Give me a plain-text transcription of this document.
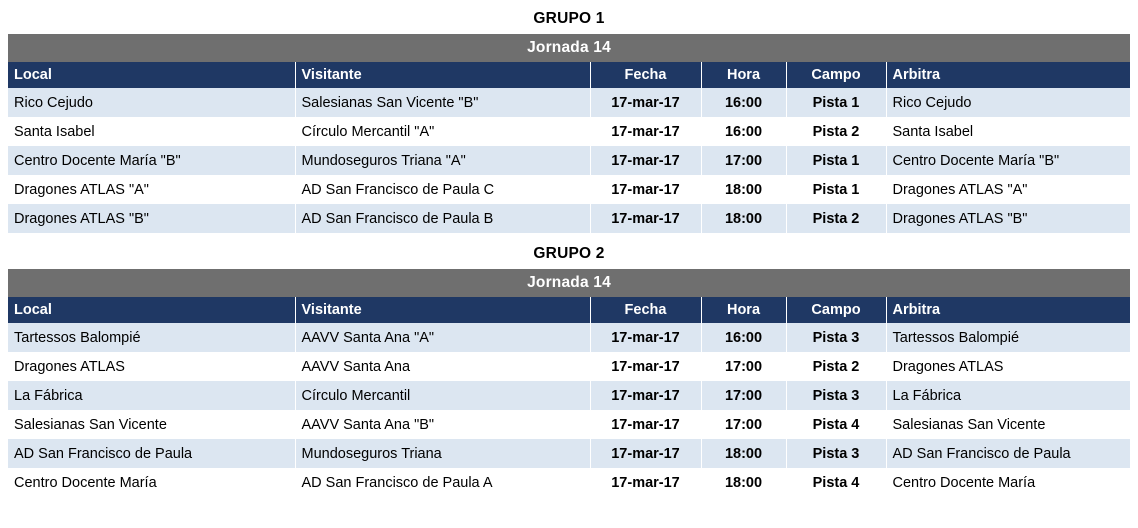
GRUPO 1					
Jornada 14					
Local	Visitante	Fecha	Hora	Campo	Arbitra
Rico Cejudo	Salesianas San Vicente "B"	17-mar-17	16:00	Pista 1	Rico Cejudo
Santa Isabel	Círculo Mercantil "A"	17-mar-17	16:00	Pista 2	Santa Isabel
Centro Docente María "B"	Mundoseguros Triana "A"	17-mar-17	17:00	Pista 1	Centro Docente María "B"
Dragones ATLAS "A"	AD San Francisco de Paula C	17-mar-17	18:00	Pista 1	Dragones ATLAS "A"
Dragones ATLAS "B"	AD San Francisco de Paula B	17-mar-17	18:00	Pista 2	Dragones ATLAS "B"

GRUPO 2					
Jornada 14					
Local	Visitante	Fecha	Hora	Campo	Arbitra
Tartessos Balompié	AAVV Santa Ana "A"	17-mar-17	16:00	Pista 3	Tartessos Balompié
Dragones ATLAS	AAVV Santa Ana	17-mar-17	17:00	Pista 2	Dragones ATLAS
La Fábrica	Círculo Mercantil	17-mar-17	17:00	Pista 3	La Fábrica
Salesianas San Vicente	AAVV Santa Ana "B"	17-mar-17	17:00	Pista 4	Salesianas San Vicente
AD San Francisco de Paula	Mundoseguros Triana	17-mar-17	18:00	Pista 3	AD San Francisco de Paula
Centro Docente María	AD San Francisco de Paula A	17-mar-17	18:00	Pista 4	Centro Docente María
